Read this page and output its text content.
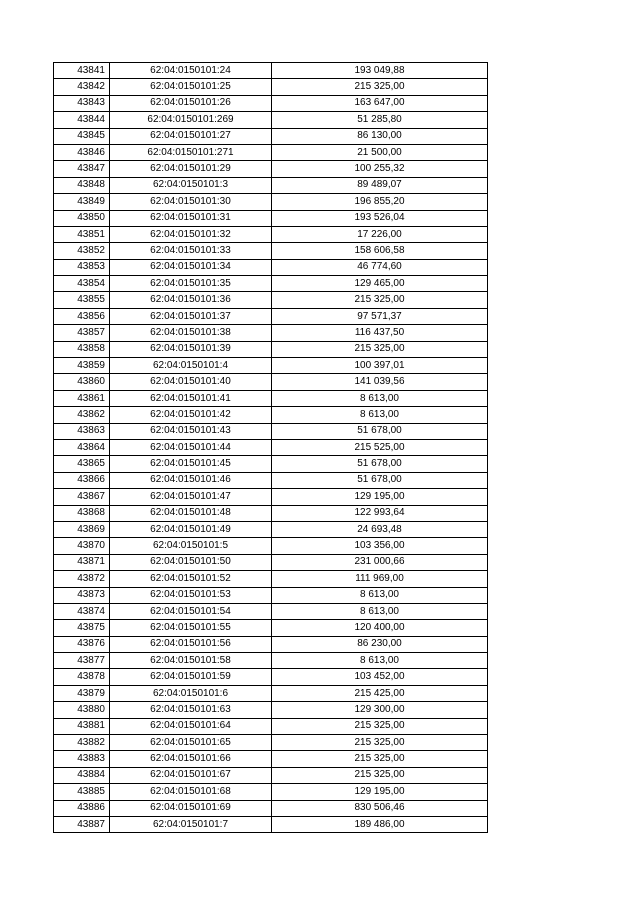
43841	62:04:0150101:24	193 049,88
43842	62:04:0150101:25	215 325,00
43843	62:04:0150101:26	163 647,00
43844	62:04:0150101:269	51 285,80
43845	62:04:0150101:27	86 130,00
43846	62:04:0150101:271	21 500,00
43847	62:04:0150101:29	100 255,32
43848	62:04:0150101:3	89 489,07
43849	62:04:0150101:30	196 855,20
43850	62:04:0150101:31	193 526,04
43851	62:04:0150101:32	17 226,00
43852	62:04:0150101:33	158 606,58
43853	62:04:0150101:34	46 774,60
43854	62:04:0150101:35	129 465,00
43855	62:04:0150101:36	215 325,00
43856	62:04:0150101:37	97 571,37
43857	62:04:0150101:38	116 437,50
43858	62:04:0150101:39	215 325,00
43859	62:04:0150101:4	100 397,01
43860	62:04:0150101:40	141 039,56
43861	62:04:0150101:41	8 613,00
43862	62:04:0150101:42	8 613,00
43863	62:04:0150101:43	51 678,00
43864	62:04:0150101:44	215 525,00
43865	62:04:0150101:45	51 678,00
43866	62:04:0150101:46	51 678,00
43867	62:04:0150101:47	129 195,00
43868	62:04:0150101:48	122 993,64
43869	62:04:0150101:49	24 693,48
43870	62:04:0150101:5	103 356,00
43871	62:04:0150101:50	231 000,66
43872	62:04:0150101:52	111 969,00
43873	62:04:0150101:53	8 613,00
43874	62:04:0150101:54	8 613,00
43875	62:04:0150101:55	120 400,00
43876	62:04:0150101:56	86 230,00
43877	62:04:0150101:58	8 613,00
43878	62:04:0150101:59	103 452,00
43879	62:04:0150101:6	215 425,00
43880	62:04:0150101:63	129 300,00
43881	62:04:0150101:64	215 325,00
43882	62:04:0150101:65	215 325,00
43883	62:04:0150101:66	215 325,00
43884	62:04:0150101:67	215 325,00
43885	62:04:0150101:68	129 195,00
43886	62:04:0150101:69	830 506,46
43887	62:04:0150101:7	189 486,00
